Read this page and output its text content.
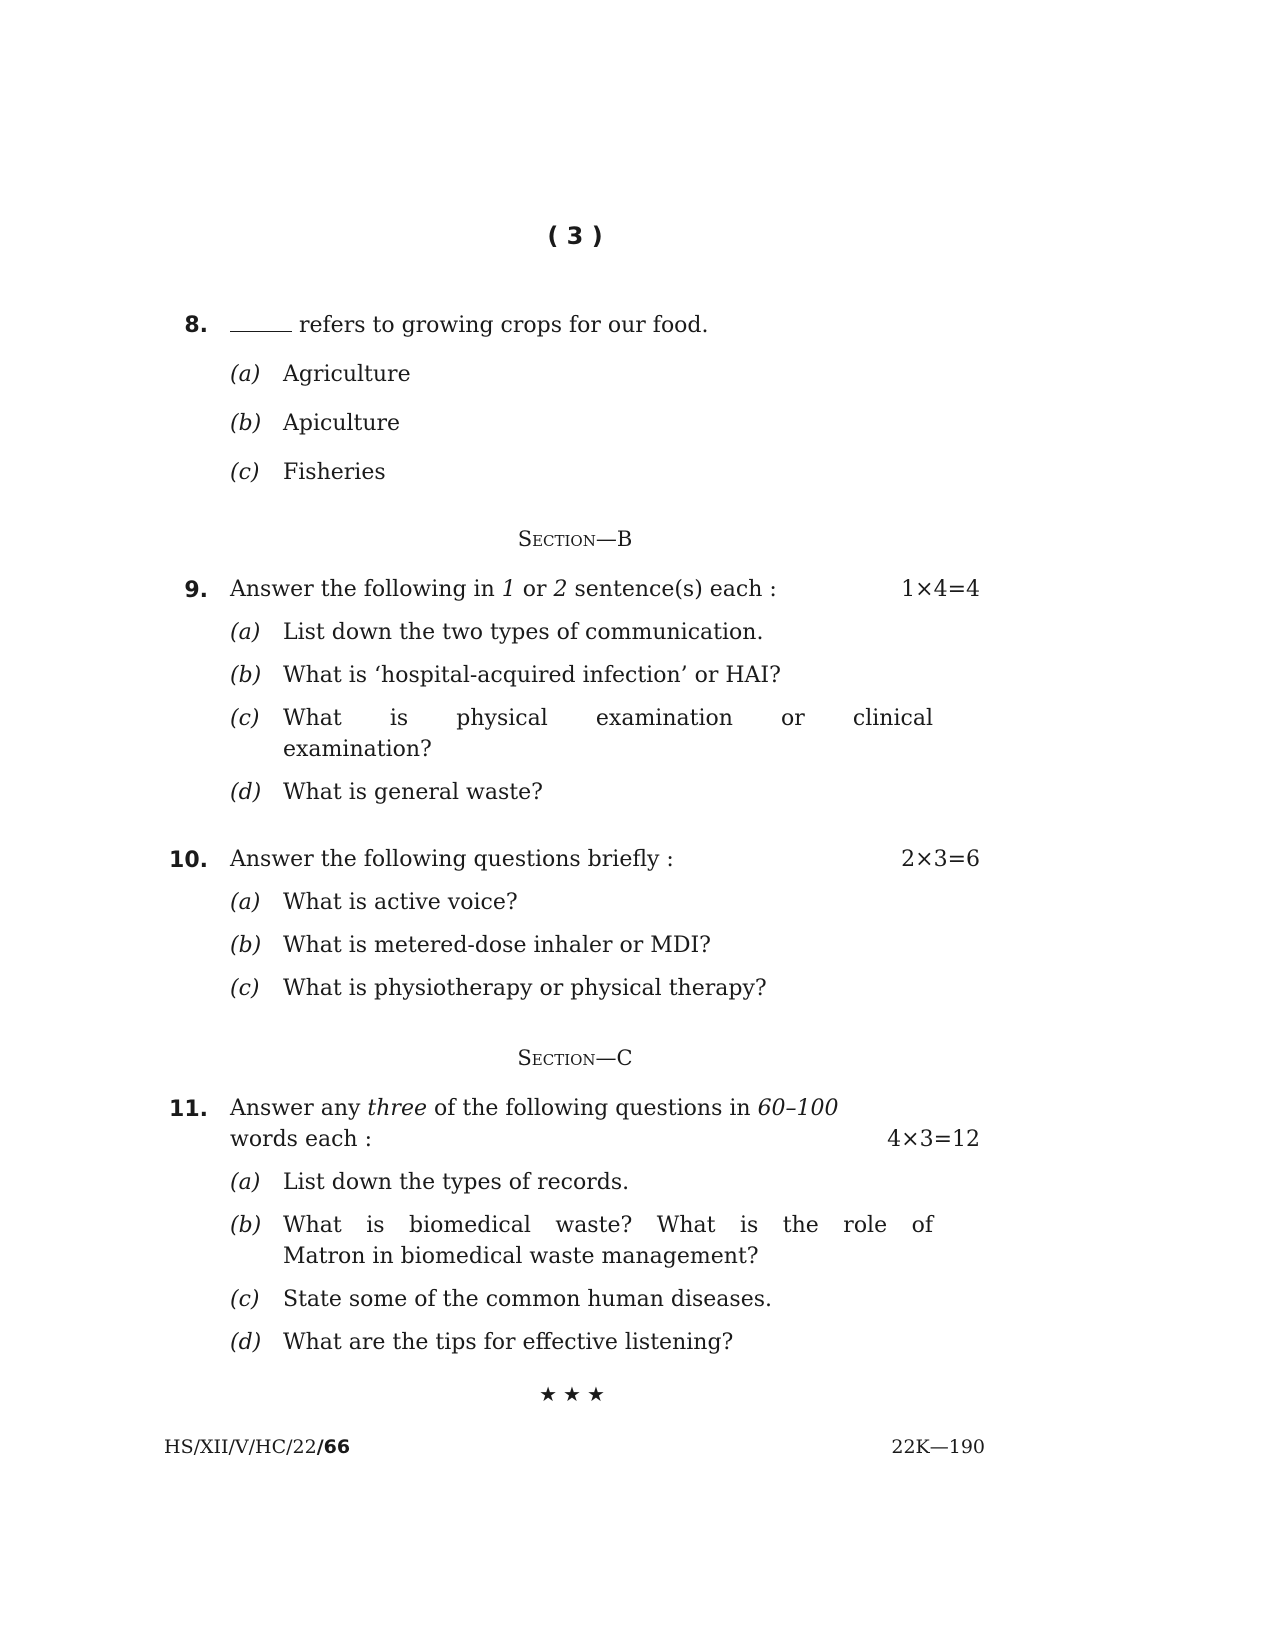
( 3 )
8.	refers to growing crops for our food.
(a) Agriculture
(b) Apiculture
(c) Fisheries
Section—B
9. Answer the following in 1 or 2 sentence(s) each :	1×4=4
(a) List down the two types of communication.
(b) What is ‘hospital-acquired infection’ or HAI?
(c) What is physical examination or clinical
examination?
(d) What is general waste?
10. Answer the following questions briefly :	2×3=6
(a) What is active voice?
(b) What is metered-dose inhaler or MDI?
(c) What is physiotherapy or physical therapy?
Section—C
11. Answer any three of the following questions in 60–100
words each :	4×3=12
(a) List down the types of records.
(b) What is biomedical waste? What is the role of
Matron in biomedical waste management?
(c) State some of the common human diseases.
(d) What are the tips for effective listening?
★★★
HS/XII/V/HC/22/66	22K—190
